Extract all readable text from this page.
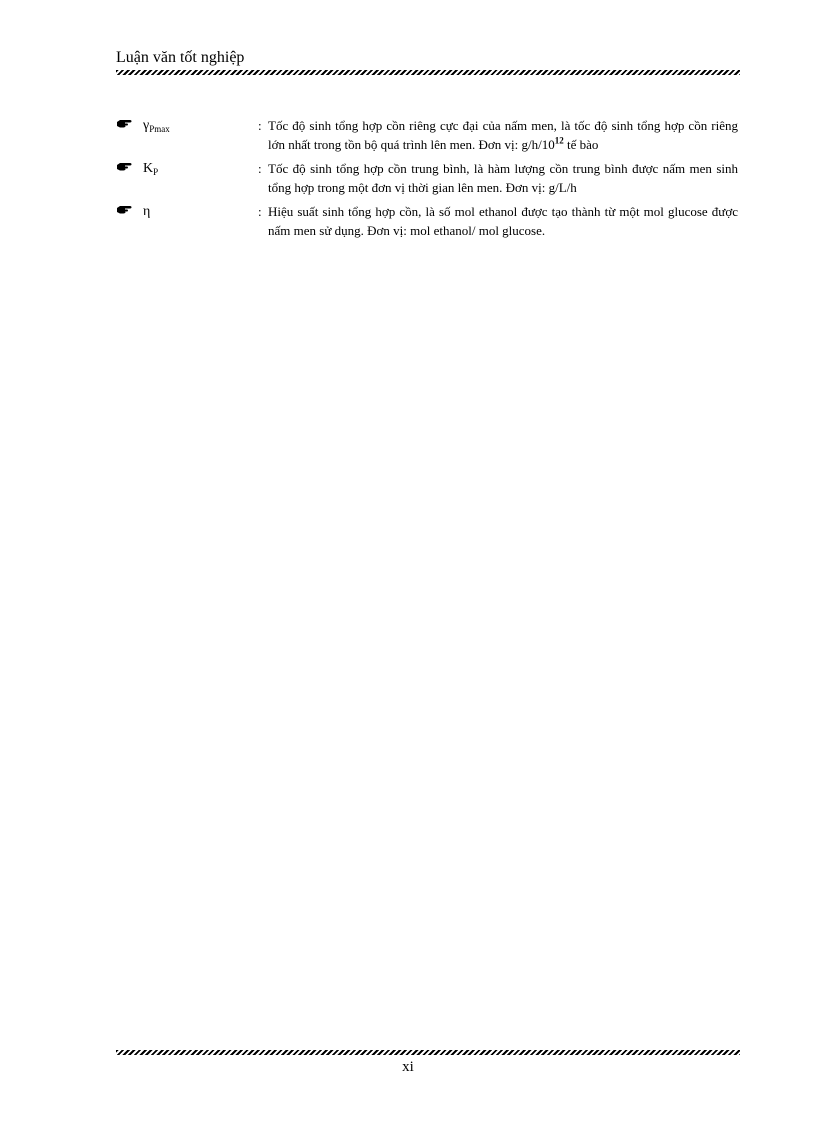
Luận văn tốt nghiệp
$\gamma_{Pmax}$	: Tốc độ sinh tổng hợp cồn riêng cực đại của nấm men, là tốc độ sinh tổng hợp cồn riêng lớn nhất trong tồn bộ quá trình lên men. Đơn vị: $g/h/10^{12}$ tế bào
$K_P$	: Tốc độ sinh tổng hợp cồn trung bình, là hàm lượng cồn trung bình được nấm men sinh tổng hợp trong một đơn vị thời gian lên men. Đơn vị: g/L/h
η	: Hiệu suất sinh tổng hợp cồn, là số mol ethanol được tạo thành từ một mol glucose được nấm men sử dụng. Đơn vị: mol ethanol/ mol glucose.
xi
